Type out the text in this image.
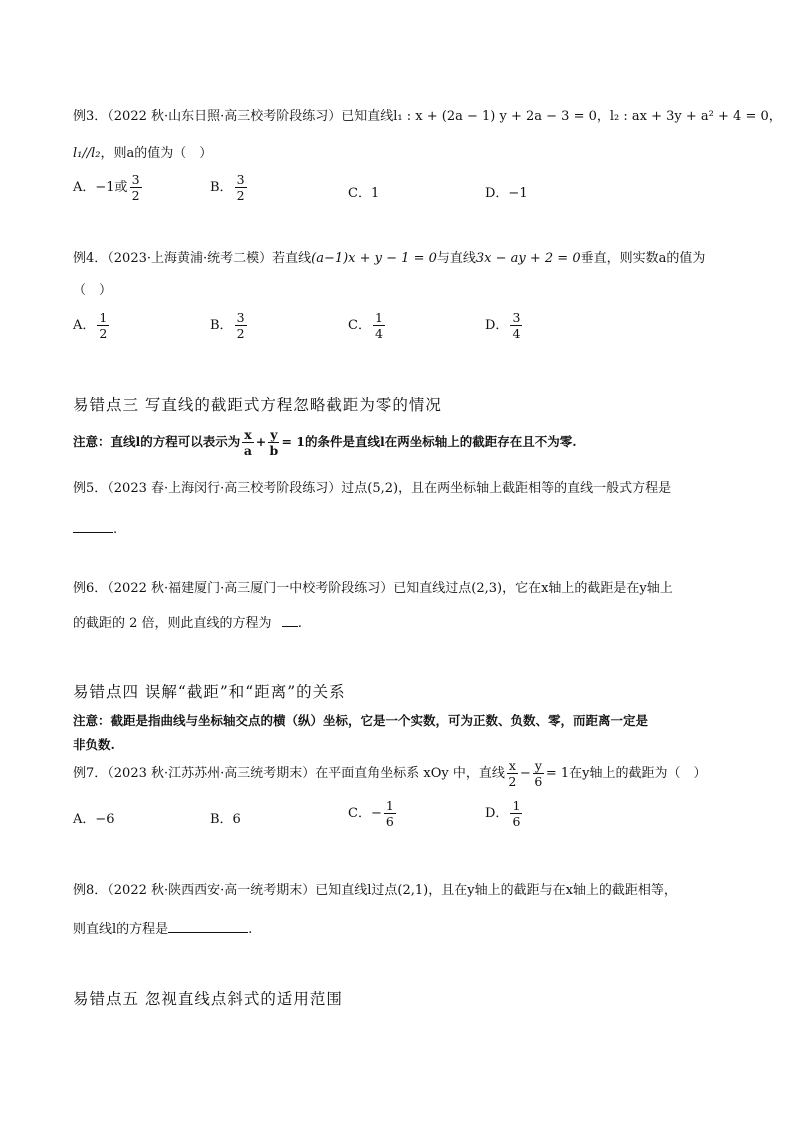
例3．（2022 秋·山东日照·高三校考阶段练习）已知直线l₁ : x + (2a − 1) y + 2a − 3 = 0，l₂ : ax + 3y + a² + 4 = 0，
l₁//l₂，则a的值为（　）
A．−1或 $\frac{3}{2}$	B． $\frac{3}{2}$	C．1	D．−1
例4．（2023·上海黄浦·统考二模）若直线(a−1)x + y − 1 = 0与直线3x − ay + 2 = 0垂直，则实数a的值为
（　）
A． $\frac{1}{2}$	B． $\frac{3}{2}$	C． $\frac{1}{4}$	D． $\frac{3}{4}$
易错点三 写直线的截距式方程忽略截距为零的情况
注意：直线l的方程可以表示为 $\frac{x}{a} + \frac{y}{b} = 1$的条件是直线l在两坐标轴上的截距存在且不为零.
例5．（2023 春·上海闵行·高三校考阶段练习）过点(5,2)，且在两坐标轴上截距相等的直线一般式方程是
.
例6．（2022 秋·福建厦门·高三厦门一中校考阶段练习）已知直线过点(2,3)，它在x轴上的截距是在y轴上
的截距的 2 倍，则此直线的方程为 .
易错点四 误解“截距”和“距离”的关系
注意：截距是指曲线与坐标轴交点的横（纵）坐标，它是一个实数，可为正数、负数、零，而距离一定是
非负数.
例7．（2023 秋·江苏苏州·高三统考期末）在平面直角坐标系 xOy 中，直线 $\frac{x}{2} - \frac{y}{6} = 1$在y轴上的截距为（　）
A．−6	B．6	C．− $\frac{1}{6}$	D． $\frac{1}{6}$
例8．（2022 秋·陕西西安·高一统考期末）已知直线l过点(2,1)，且在y轴上的截距与在x轴上的截距相等，
则直线l的方程是	.
易错点五 忽视直线点斜式的适用范围
